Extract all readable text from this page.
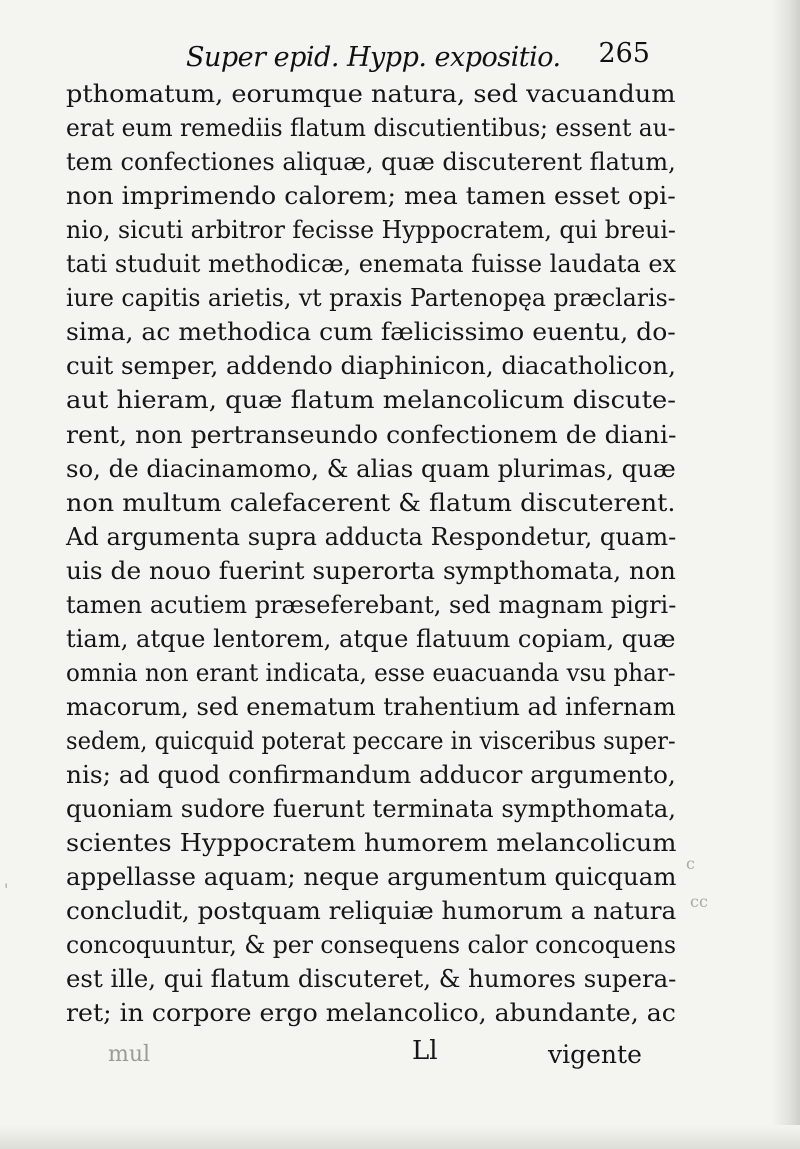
Super epid. Hypp. expositio. 265
pthomatum, eorumque natura, sed vacuandum
erat eum remediis flatum discutientibus; essent au-
tem confectiones aliquæ, quæ discuterent flatum,
non imprimendo calorem; mea tamen esset opi-
nio, sicuti arbitror fecisse Hyppocratem, qui breui-
tati studuit methodicæ, enemata fuisse laudata ex
iure capitis arietis, vt praxis Partenopęa præclaris-
sima, ac methodica cum fælicissimo euentu, do-
cuit semper, addendo diaphinicon, diacatholicon,
aut hieram, quæ flatum melancolicum discute-
rent, non pertranseundo confectionem de diani-
so, de diacinamomo, & alias quam plurimas, quæ
non multum calefacerent & flatum discuterent.
Ad argumenta supra adducta Respondetur, quam-
uis de nouo fuerint superorta sympthomata, non
tamen acutiem præseferebant, sed magnam pigri-
tiam, atque lentorem, atque flatuum copiam, quæ
omnia non erant indicata, esse euacuanda vsu phar-
macorum, sed enematum trahentium ad infernam
sedem, quicquid poterat peccare in visceribus super-
nis; ad quod confirmandum adducor argumento,
quoniam sudore fuerunt terminata sympthomata,
scientes Hyppocratem humorem melancolicum
appellasse aquam; neque argumentum quicquam
concludit, postquam reliquiæ humorum a natura
concoquuntur, & per consequens calor concoquens
est ille, qui flatum discuteret, & humores supera-
ret; in corpore ergo melancolico, abundante, ac
c
cc
'
mul	Ll	vigente
